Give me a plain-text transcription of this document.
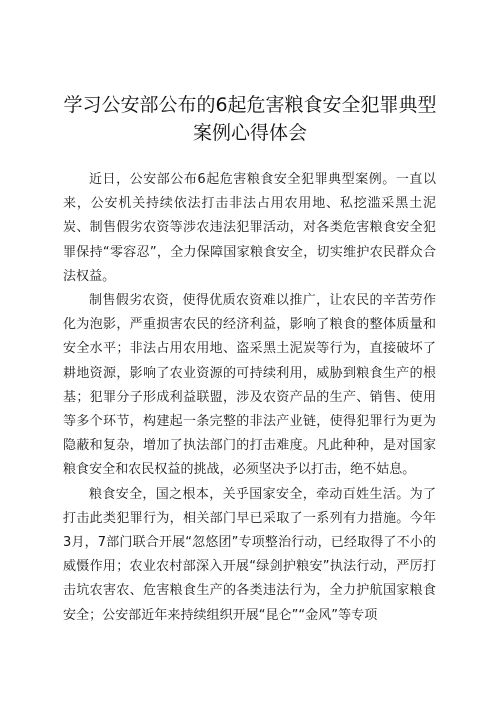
学习公安部公布的6起危害粮食安全犯罪典型案例心得体会

近日，公安部公布6起危害粮食安全犯罪典型案例。一直以来，公安机关持续依法打击非法占用农用地、私挖滥采黑土泥炭、制售假劣农资等涉农违法犯罪活动，对各类危害粮食安全犯罪保持“零容忍”，全力保障国家粮食安全，切实维护农民群众合法权益。

制售假劣农资，使得优质农资难以推广，让农民的辛苦劳作化为泡影，严重损害农民的经济利益，影响了粮食的整体质量和安全水平；非法占用农用地、盗采黑土泥炭等行为，直接破坏了耕地资源，影响了农业资源的可持续利用，威胁到粮食生产的根基；犯罪分子形成利益联盟，涉及农资产品的生产、销售、使用等多个环节，构建起一条完整的非法产业链，使得犯罪行为更为隐蔽和复杂，增加了执法部门的打击难度。凡此种种，是对国家粮食安全和农民权益的挑战，必须坚决予以打击，绝不姑息。

粮食安全，国之根本，关乎国家安全，牵动百姓生活。为了打击此类犯罪行为，相关部门早已采取了一系列有力措施。今年3月，7部门联合开展“忽悠团”专项整治行动，已经取得了不小的威慑作用；农业农村部深入开展“绿剑护粮安”执法行动，严厉打击坑农害农、危害粮食生产的各类违法行为，全力护航国家粮食安全；公安部近年来持续组织开展“昆仑”“金风”等专项
